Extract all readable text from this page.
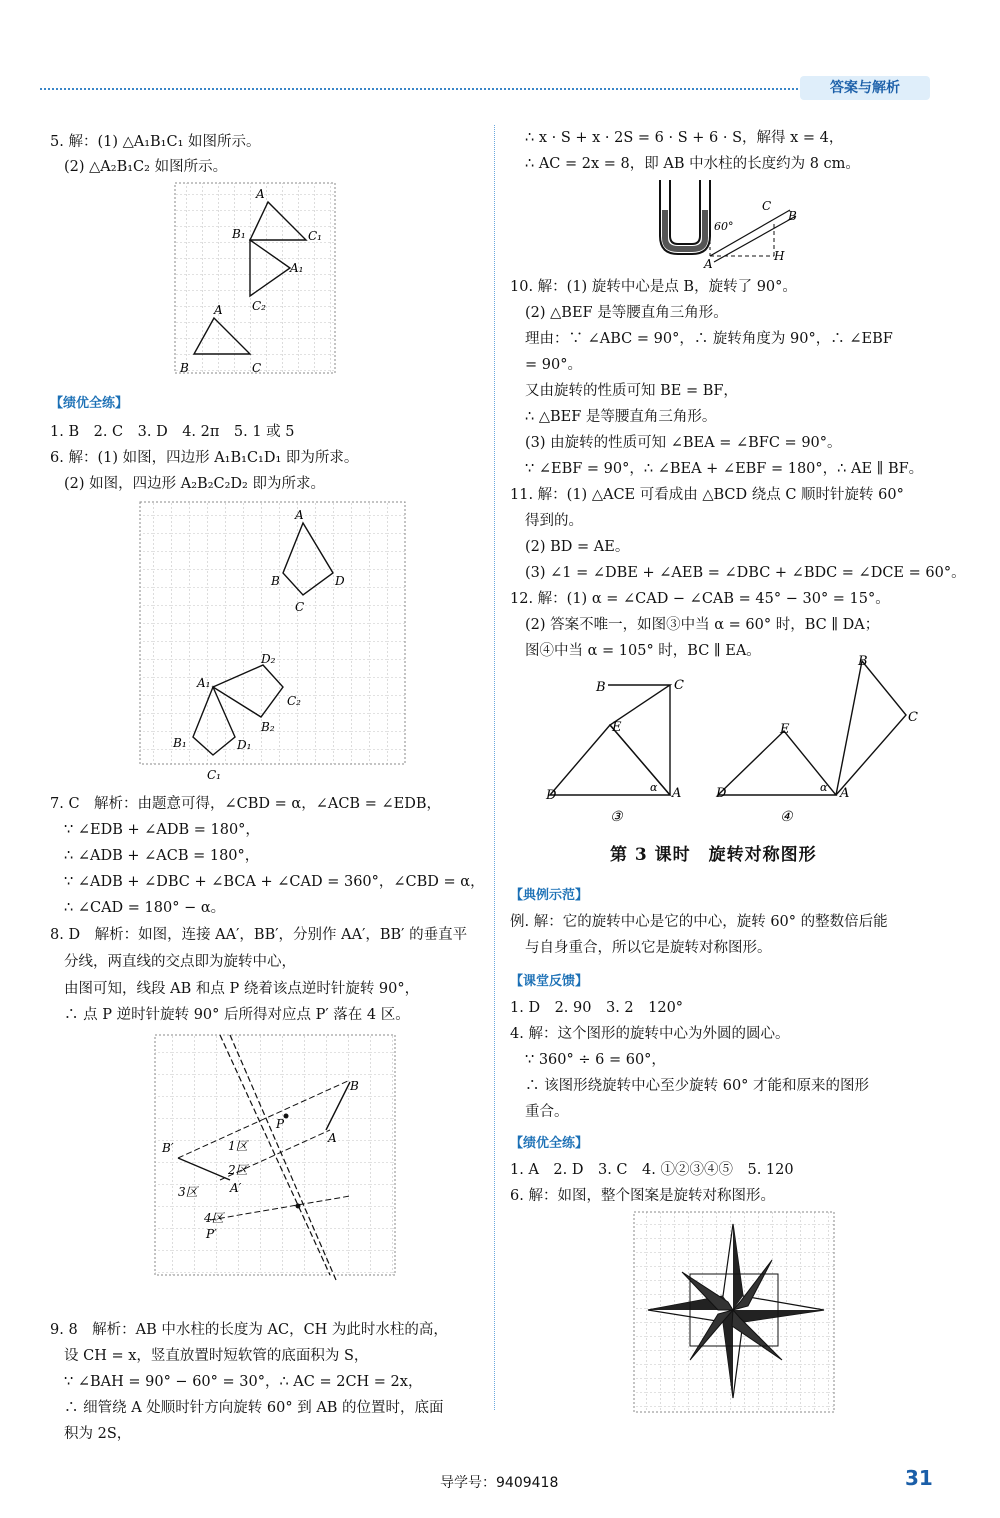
答案与解析
5. 解：(1) △A₁B₁C₁ 如图所示。
(2) △A₂B₁C₂ 如图所示。
【绩优全练】
1. B　2. C　3. D　4. 2π　5. 1 或 5
6. 解：(1) 如图，四边形 A₁B₁C₁D₁ 即为所求。
(2) 如图，四边形 A₂B₂C₂D₂ 即为所求。
7. C　解析：由题意可得，∠CBD = α，∠ACB = ∠EDB，
∵ ∠EDB + ∠ADB = 180°，
∴ ∠ADB + ∠ACB = 180°，
∵ ∠ADB + ∠DBC + ∠BCA + ∠CAD = 360°，∠CBD = α，
∴ ∠CAD = 180° − α。
8. D　解析：如图，连接 AA′，BB′，分别作 AA′，BB′ 的垂直平
分线，两直线的交点即为旋转中心，
由图可知，线段 AB 和点 P 绕着该点逆时针旋转 90°，
∴ 点 P 逆时针旋转 90° 后所得对应点 P′ 落在 4 区。
9. 8　解析：AB 中水柱的长度为 AC，CH 为此时水柱的高，
设 CH = x，竖直放置时短软管的底面积为 S，
∵ ∠BAH = 90° − 60° = 30°，∴ AC = 2CH = 2x，
∴ 细管绕 A 处顺时针方向旋转 60° 到 AB 的位置时，底面
积为 2S，
∴ x · S + x · 2S = 6 · S + 6 · S，解得 x = 4，
∴ AC = 2x = 8，即 AB 中水柱的长度约为 8 cm。
10. 解：(1) 旋转中心是点 B，旋转了 90°。
(2) △BEF 是等腰直角三角形。
理由：∵ ∠ABC = 90°，∴ 旋转角度为 90°，∴ ∠EBF
= 90°。
又由旋转的性质可知 BE = BF，
∴ △BEF 是等腰直角三角形。
(3) 由旋转的性质可知 ∠BEA = ∠BFC = 90°。
∵ ∠EBF = 90°，∴ ∠BEA + ∠EBF = 180°，∴ AE ∥ BF。
11. 解：(1) △ACE 可看成由 △BCD 绕点 C 顺时针旋转 60°
得到的。
(2) BD = AE。
(3) ∠1 = ∠DBE + ∠AEB = ∠DBC + ∠BDC = ∠DCE = 60°。
12. 解：(1) α = ∠CAD − ∠CAB = 45° − 30° = 15°。
(2) 答案不唯一，如图③中当 α = 60° 时，BC ∥ DA；
图④中当 α = 105° 时，BC ∥ EA。
第 3 课时　旋转对称图形
【典例示范】
例. 解：它的旋转中心是它的中心，旋转 60° 的整数倍后能
与自身重合，所以它是旋转对称图形。
【课堂反馈】
1. D　2. 90　3. 2　120°
4. 解：这个图形的旋转中心为外圆的圆心。
∵ 360° ÷ 6 = 60°，
∴ 该图形绕旋转中心至少旋转 60° 才能和原来的图形
重合。
【绩优全练】
1. A　2. D　3. C　4. ①②③④⑤　5. 120
6. 解：如图，整个图案是旋转对称图形。
A
B₁	C₁
A₁
C₂
A
B	C
A
B
C
D
A₁
D₂
C₂
B₂
B₁	D₁
C₁
B
A
P
B′
A′
1区
2区
3区
4区
P′
60°
C
B
A
H
B	C
E
D
α A
③
B
C
E
D	α A
④
导学号：9409418	31
